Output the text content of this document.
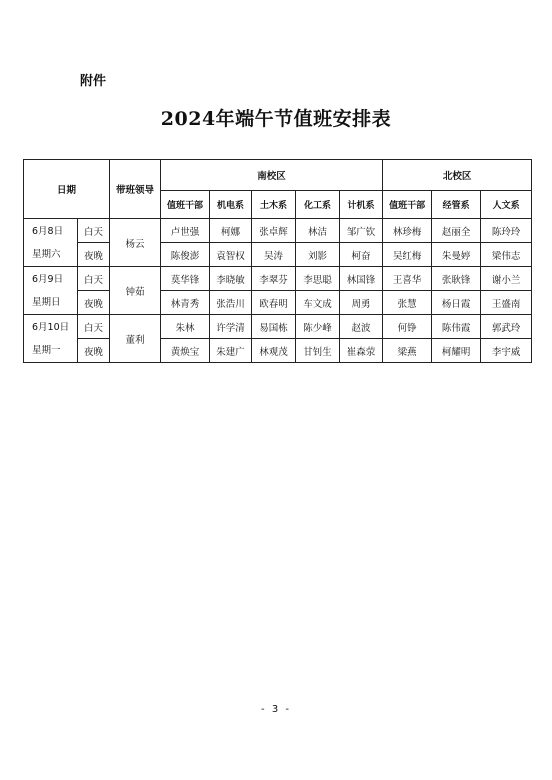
附件
2024年端午节值班安排表
日期		带班领导	南校区					北校区		
			值班干部	机电系	土木系	化工系	计机系	值班干部	经管系	人文系

6月8日
星期六	白天	杨云	卢世强	柯娜	张卓辉	林洁	邹广钦	林珍梅	赵丽全	陈玲玲
	夜晚		陈俊澎	袁智权	吴涛	刘影	柯奋	吴红梅	朱曼婷	梁伟志

6月9日
星期日	白天	钟茹	莫华锋	李晓敏	李翠芬	李思聪	林国锋	王喜华	张耿锋	谢小兰
	夜晚		林青秀	张浩川	欧春明	车文成	周勇	张慧	杨日霞	王盛南

6月10日
星期一	白天	董利	朱林	许学清	易国栋	陈少峰	赵波	何铮	陈伟霞	郭武玲
	夜晚		黄焕宝	朱建广	林观茂	甘钊生	崔森荥	梁燕	柯耀明	李宇威
- 3 -
